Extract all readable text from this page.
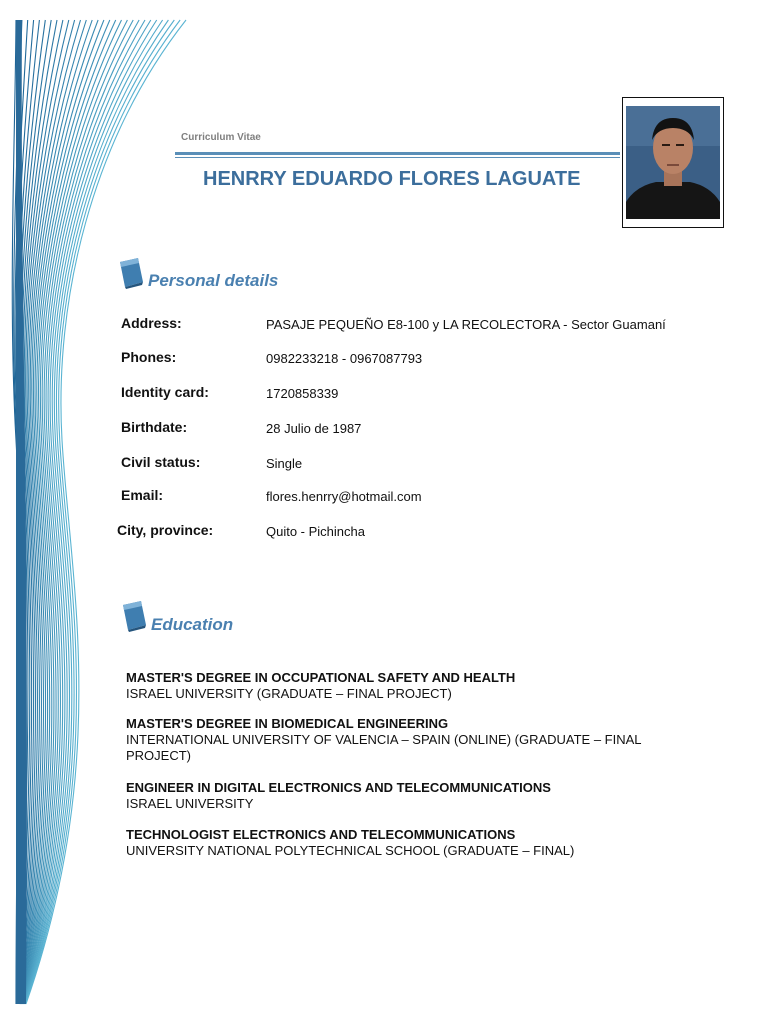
Curriculum Vitae
HENRRY EDUARDO FLORES LAGUATE
Personal details
Address:	PASAJE PEQUEÑO E8-100 y LA RECOLECTORA - Sector Guamaní
Phones:	0982233218 - 0967087793
Identity card:	1720858339
Birthdate:	28 Julio de 1987
Civil status:	Single
Email:	flores.henrry@hotmail.com
City, province:	Quito - Pichincha
Education
MASTER'S DEGREE IN OCCUPATIONAL SAFETY AND HEALTH
ISRAEL UNIVERSITY (GRADUATE – FINAL PROJECT)
MASTER'S DEGREE IN BIOMEDICAL ENGINEERING
INTERNATIONAL UNIVERSITY OF VALENCIA – SPAIN (ONLINE) (GRADUATE – FINAL PROJECT)
ENGINEER IN DIGITAL ELECTRONICS AND TELECOMMUNICATIONS
ISRAEL UNIVERSITY
TECHNOLOGIST ELECTRONICS AND TELECOMMUNICATIONS
UNIVERSITY NATIONAL POLYTECHNICAL SCHOOL (GRADUATE – FINAL)
